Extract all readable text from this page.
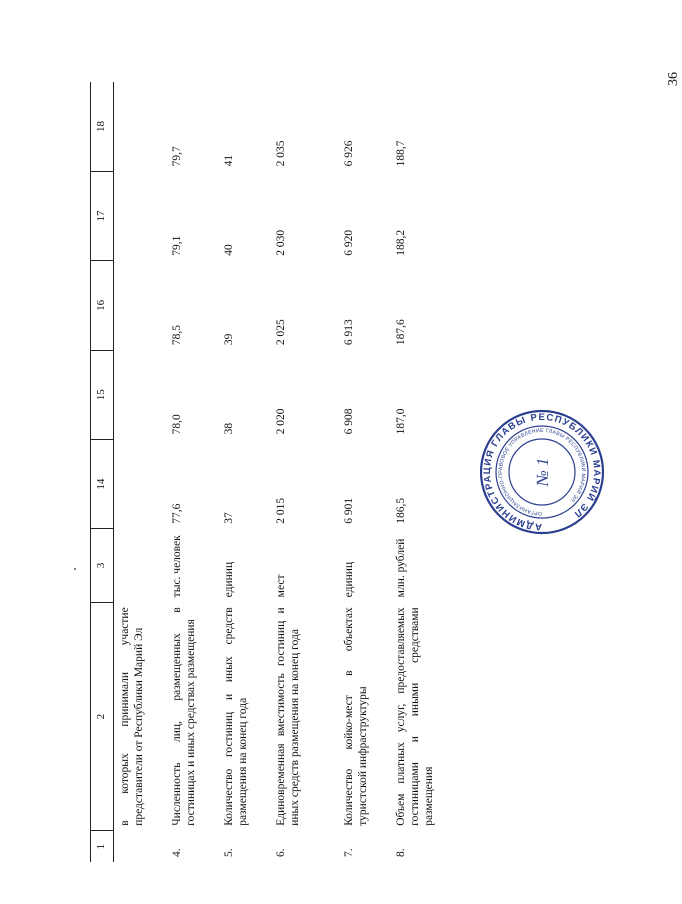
36
1	2	3	14	15	16	17	18
	в которых принимали участие представители от Республики Марий Эл						
4.	Численность лиц, размещенных в гостиницах и иных средствах размещения	тыс. человек	77,6	78,0	78,5	79,1	79,7
5.	Количество гостиниц и иных средств размещения на конец года	единиц	37	38	39	40	41
6.	Единовременная вместимость гостиниц и иных средств размещения на конец года	мест	2 015	2 020	2 025	2 030	2 035
7.	Количество койко-мест в объектах туристской инфраструктуры	единиц	6 901	6 908	6 913	6 920	6 926
8.	Объем платных услуг, предоставляемых гостиницами и иными средствами размещения	млн. рублей	186,5	187,0	187,6	188,2	188,7
АДМИНИСТРАЦИЯ ГЛАВЫ РЕСПУБЛИКИ МАРИЙ ЭЛ
ОРГАНИЗАЦИОННО-ПРАВОВОЕ УПРАВЛЕНИЕ ГЛАВЫ РЕСПУБЛИКИ МАРИЙ ЭЛ
№ 1
